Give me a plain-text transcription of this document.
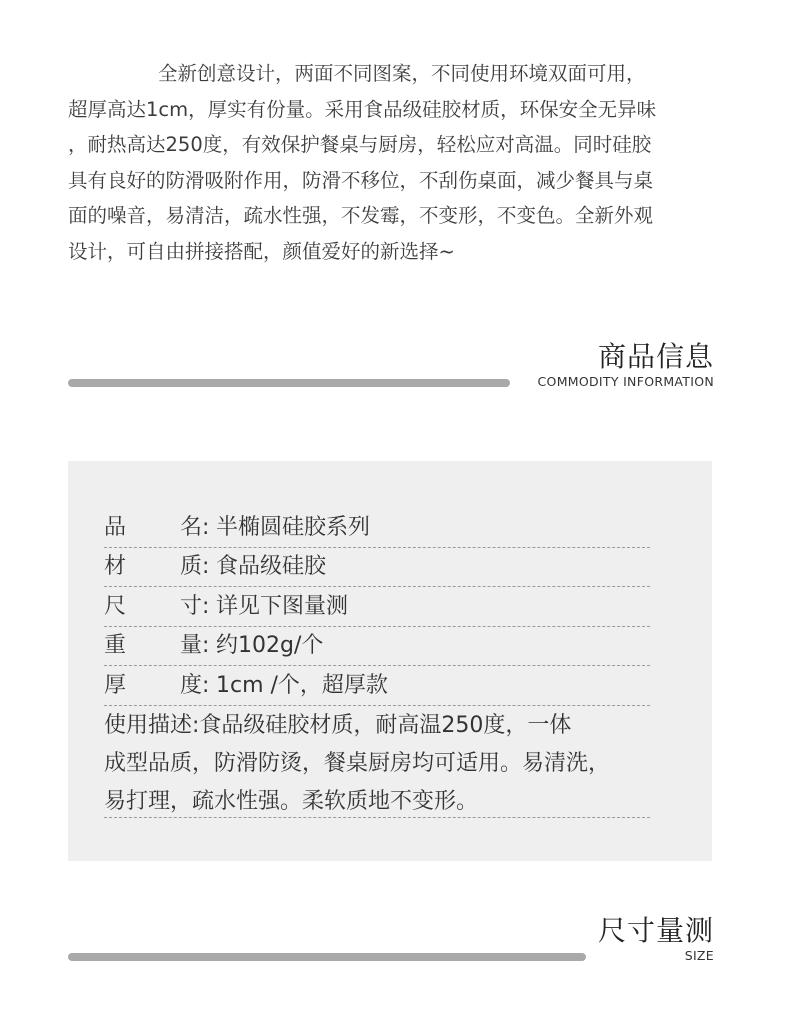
全新创意设计，两面不同图案，不同使用环境双面可用，
超厚高达1cm，厚实有份量。采用食品级硅胶材质，环保安全无异味
，耐热高达250度，有效保护餐桌与厨房，轻松应对高温。同时硅胶
具有良好的防滑吸附作用，防滑不移位，不刮伤桌面，减少餐具与桌
面的噪音，易清洁，疏水性强，不发霉，不变形，不变色。全新外观
设计，可自由拼接搭配，颜值爱好的新选择~
商品信息
COMMODITY INFORMATION
品 名: 半椭圆硅胶系列
材 质: 食品级硅胶
尺 寸: 详见下图量测
重 量: 约102g/个
厚 度: 1cm /个，超厚款
使用描述:食品级硅胶材质，耐高温250度，一体
成型品质，防滑防烫，餐桌厨房均可适用。易清洗，
易打理，疏水性强。柔软质地不变形。
尺寸量测
SIZE
